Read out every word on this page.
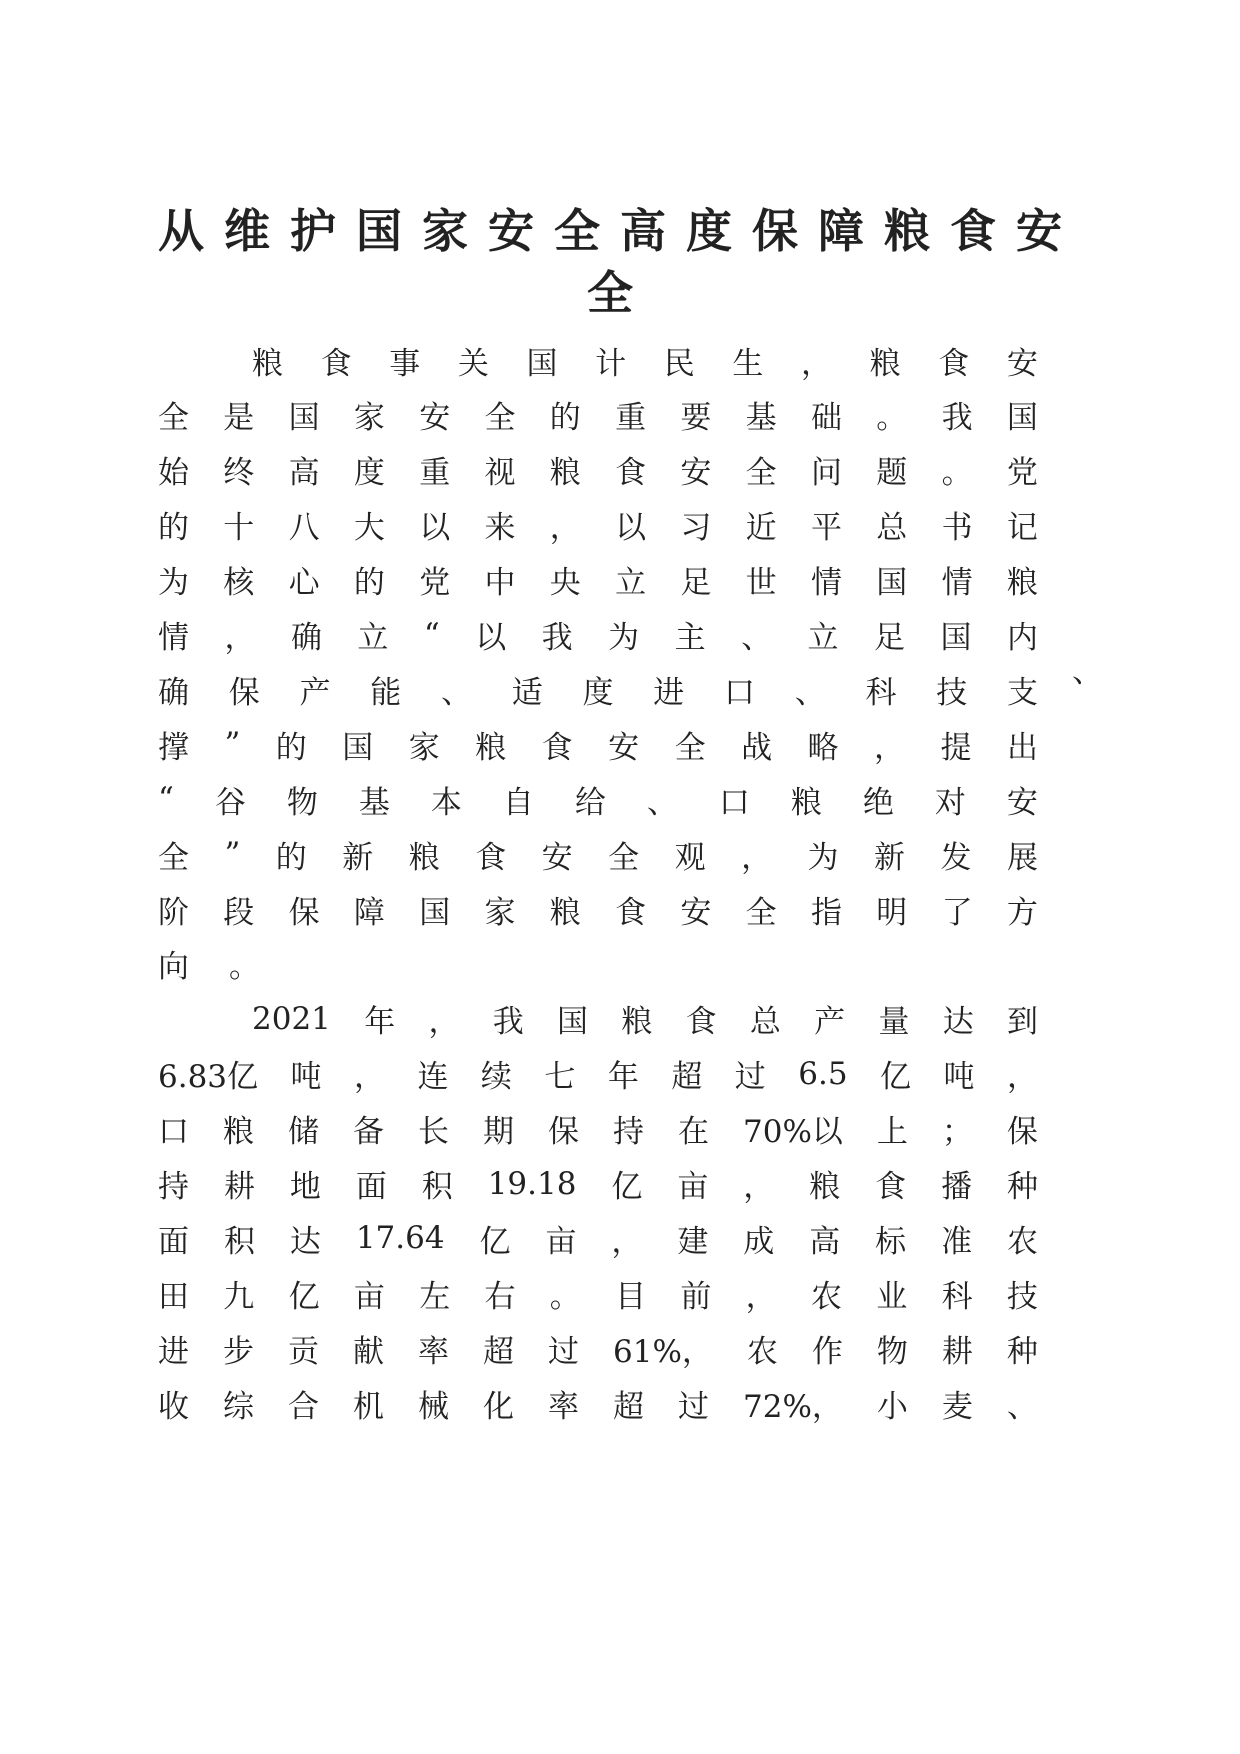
从维护国家安全高度保障粮食安全
粮 食 事 关 国 计 民 生 ， 粮 食 安
全 是 国 家 安 全 的 重 要 基 础 。 我 国
始 终 高 度 重 视 粮 食 安 全 问 题 。 党
的 十 八 大 以 来 ， 以 习 近 平 总 书 记
为 核 心 的 党 中 央 立 足 世 情 国 情 粮
情 ， 确 立 “ 以 我 为 主 、 立 足 国 内
确 保 产 能 、 适 度 进 口 、 科 技 支
撑 ” 的 国 家 粮 食 安 全 战 略 ， 提 出
“ 谷 物 基 本 自 给 、 口 粮 绝 对 安
全 ” 的 新 粮 食 安 全 观 ， 为 新 发 展
阶 段 保 障 国 家 粮 食 安 全 指 明 了 方
向 。
2021 年 ， 我 国 粮 食 总 产 量 达 到
6.83亿 吨 ， 连 续 七 年 超 过 6.5 亿 吨 ，
口 粮 储 备 长 期 保 持 在 70%以 上 ； 保
持 耕 地 面 积 19.18 亿 亩 ， 粮 食 播 种
面 积 达 17.64 亿 亩 ， 建 成 高 标 准 农
田 九 亿 亩 左 右 。 目 前 ， 农 业 科 技
进 步 贡 献 率 超 过 61%， 农 作 物 耕 种
收 综 合 机 械 化 率 超 过 72%， 小 麦 、
、
